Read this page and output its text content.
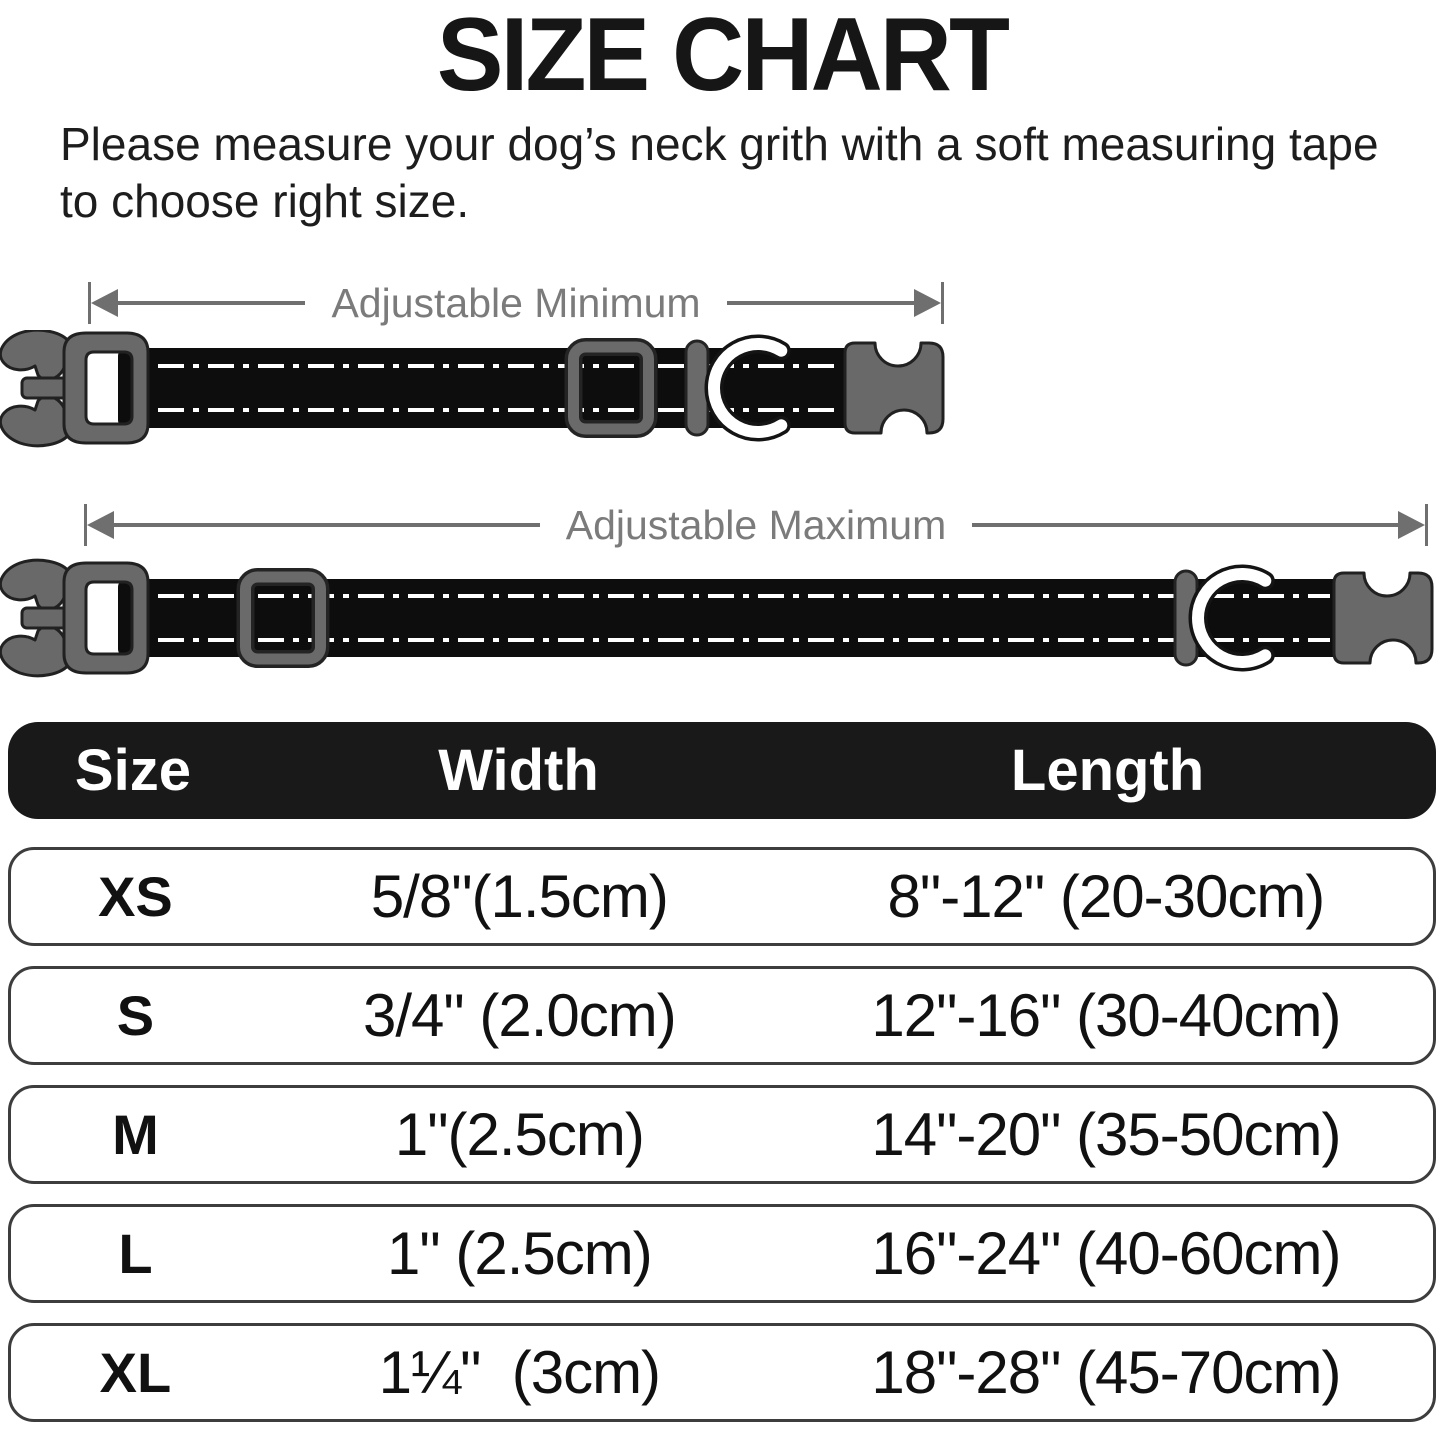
SIZE CHART

Please measure your dog’s neck grith with a soft measuring tape
to choose right size.

Adjustable Minimum
Adjustable Maximum
Size	Width	Length
XS	5/8"(1.5cm)	8"-12" (20-30cm)
S	3/4" (2.0cm)	12"-16" (30-40cm)
M	1"(2.5cm)	14"-20" (35-50cm)
L	1" (2.5cm)	16"-24" (40-60cm)
XL	1¼"  (3cm)	18"-28" (45-70cm)
